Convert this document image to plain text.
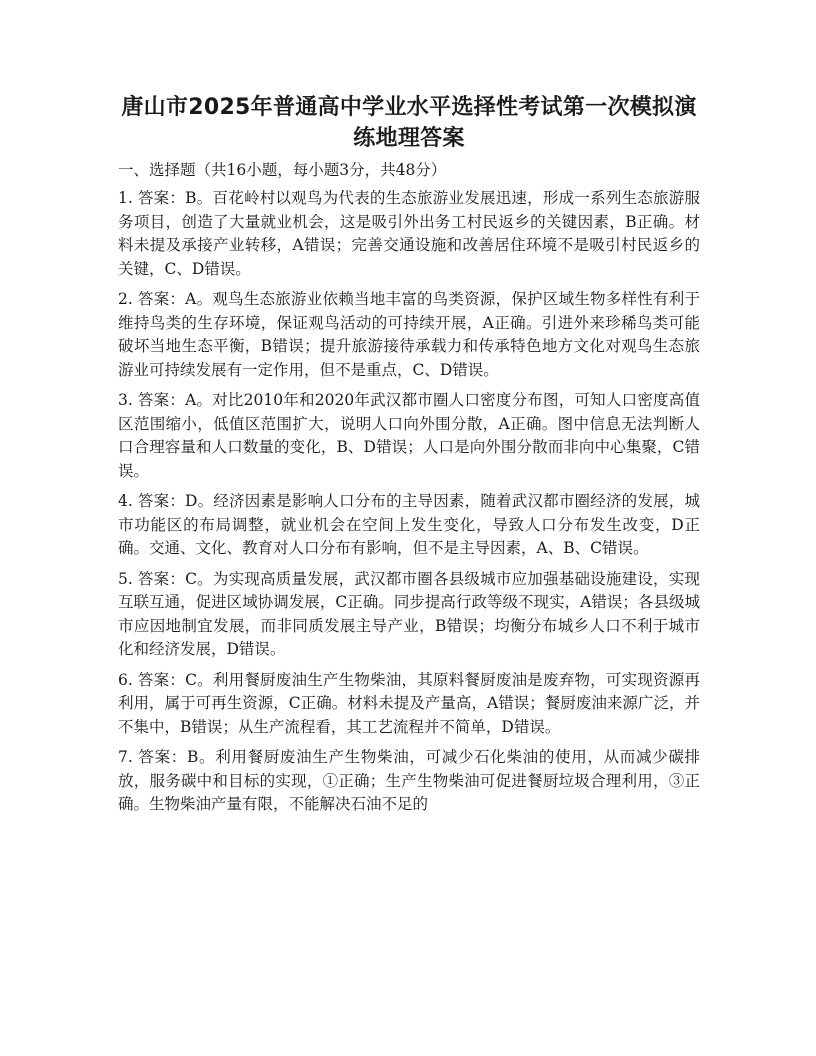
唐山市2025年普通高中学业水平选择性考试第一次模拟演练地理答案

一、选择题（共16小题，每小题3分，共48分）

1. 答案：B。百花岭村以观鸟为代表的生态旅游业发展迅速，形成一系列生态旅游服务项目，创造了大量就业机会，这是吸引外出务工村民返乡的关键因素，B正确。材料未提及承接产业转移，A错误；完善交通设施和改善居住环境不是吸引村民返乡的关键，C、D错误。

2. 答案：A。观鸟生态旅游业依赖当地丰富的鸟类资源，保护区域生物多样性有利于维持鸟类的生存环境，保证观鸟活动的可持续开展，A正确。引进外来珍稀鸟类可能破坏当地生态平衡，B错误；提升旅游接待承载力和传承特色地方文化对观鸟生态旅游业可持续发展有一定作用，但不是重点，C、D错误。

3. 答案：A。对比2010年和2020年武汉都市圈人口密度分布图，可知人口密度高值区范围缩小，低值区范围扩大，说明人口向外围分散，A正确。图中信息无法判断人口合理容量和人口数量的变化，B、D错误；人口是向外围分散而非向中心集聚，C错误。

4. 答案：D。经济因素是影响人口分布的主导因素，随着武汉都市圈经济的发展，城市功能区的布局调整，就业机会在空间上发生变化，导致人口分布发生改变，D正确。交通、文化、教育对人口分布有影响，但不是主导因素，A、B、C错误。

5. 答案：C。为实现高质量发展，武汉都市圈各县级城市应加强基础设施建设，实现互联互通，促进区域协调发展，C正确。同步提高行政等级不现实，A错误；各县级城市应因地制宜发展，而非同质发展主导产业，B错误；均衡分布城乡人口不利于城市化和经济发展，D错误。

6. 答案：C。利用餐厨废油生产生物柴油，其原料餐厨废油是废弃物，可实现资源再利用，属于可再生资源，C正确。材料未提及产量高，A错误；餐厨废油来源广泛，并不集中，B错误；从生产流程看，其工艺流程并不简单，D错误。

7. 答案：B。利用餐厨废油生产生物柴油，可减少石化柴油的使用，从而减少碳排放，服务碳中和目标的实现，①正确；生产生物柴油可促进餐厨垃圾合理利用，③正确。生物柴油产量有限，不能解决石油不足的
